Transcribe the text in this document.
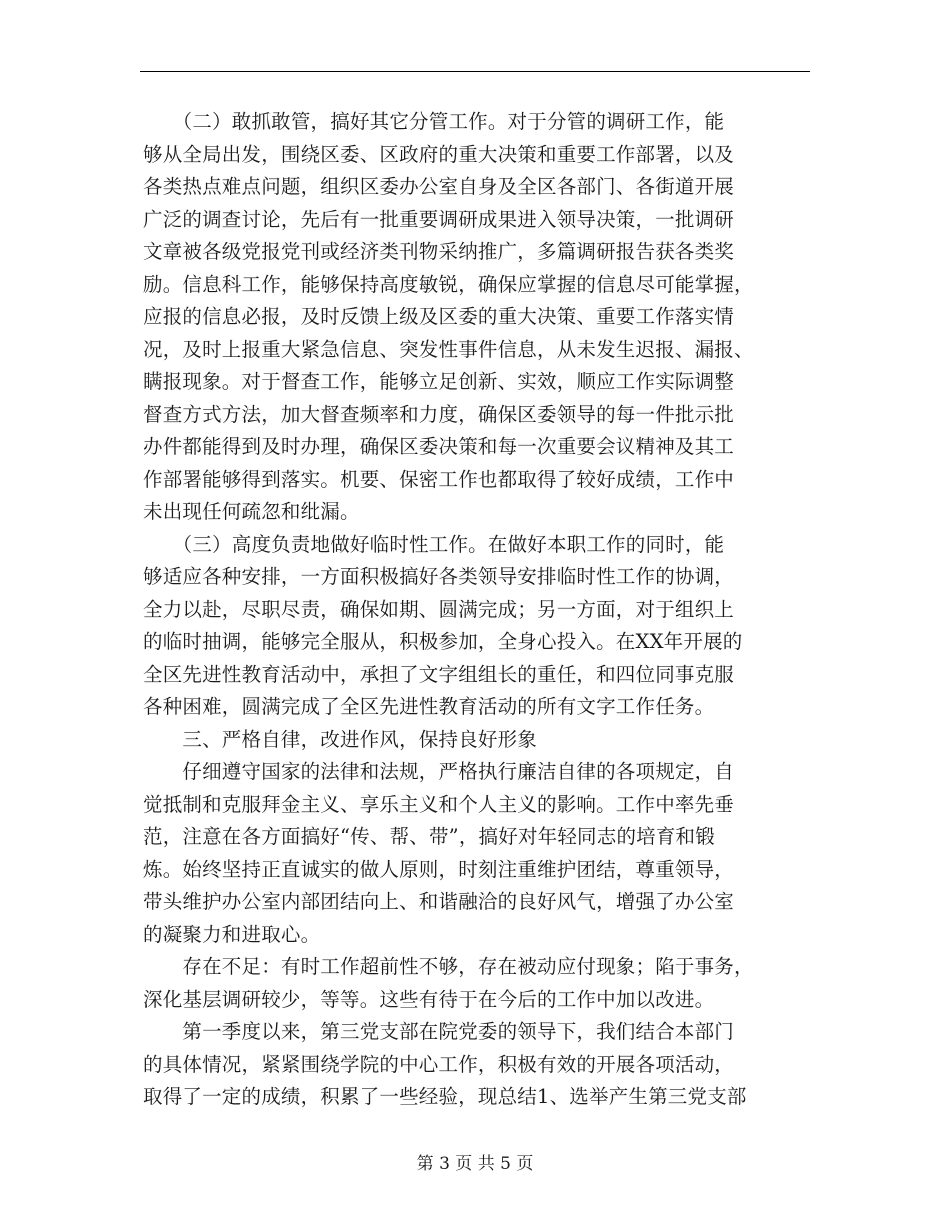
　　（二）敢抓敢管，搞好其它分管工作。对于分管的调研工作，能
够从全局出发，围绕区委、区政府的重大决策和重要工作部署，以及
各类热点难点问题，组织区委办公室自身及全区各部门、各街道开展
广泛的调查讨论，先后有一批重要调研成果进入领导决策，一批调研
文章被各级党报党刊或经济类刊物采纳推广，多篇调研报告获各类奖
励。信息科工作，能够保持高度敏锐，确保应掌握的信息尽可能掌握，
应报的信息必报，及时反馈上级及区委的重大决策、重要工作落实情
况，及时上报重大紧急信息、突发性事件信息，从未发生迟报、漏报、
瞒报现象。对于督查工作，能够立足创新、实效，顺应工作实际调整
督查方式方法，加大督查频率和力度，确保区委领导的每一件批示批
办件都能得到及时办理，确保区委决策和每一次重要会议精神及其工
作部署能够得到落实。机要、保密工作也都取得了较好成绩，工作中
未出现任何疏忽和纰漏。
　　（三）高度负责地做好临时性工作。在做好本职工作的同时，能
够适应各种安排，一方面积极搞好各类领导安排临时性工作的协调，
全力以赴，尽职尽责，确保如期、圆满完成；另一方面，对于组织上
的临时抽调，能够完全服从，积极参加，全身心投入。在XX年开展的
全区先进性教育活动中，承担了文字组组长的重任，和四位同事克服
各种困难，圆满完成了全区先进性教育活动的所有文字工作任务。
　　三、严格自律，改进作风，保持良好形象
　　仔细遵守国家的法律和法规，严格执行廉洁自律的各项规定，自
觉抵制和克服拜金主义、享乐主义和个人主义的影响。工作中率先垂
范，注意在各方面搞好“传、帮、带”，搞好对年轻同志的培育和锻
炼。始终坚持正直诚实的做人原则，时刻注重维护团结，尊重领导，
带头维护办公室内部团结向上、和谐融洽的良好风气，增强了办公室
的凝聚力和进取心。
　　存在不足：有时工作超前性不够，存在被动应付现象；陷于事务，
深化基层调研较少，等等。这些有待于在今后的工作中加以改进。
　　第一季度以来，第三党支部在院党委的领导下，我们结合本部门
的具体情况，紧紧围绕学院的中心工作，积极有效的开展各项活动，
取得了一定的成绩，积累了一些经验，现总结1、选举产生第三党支部
第 3 页 共 5 页
